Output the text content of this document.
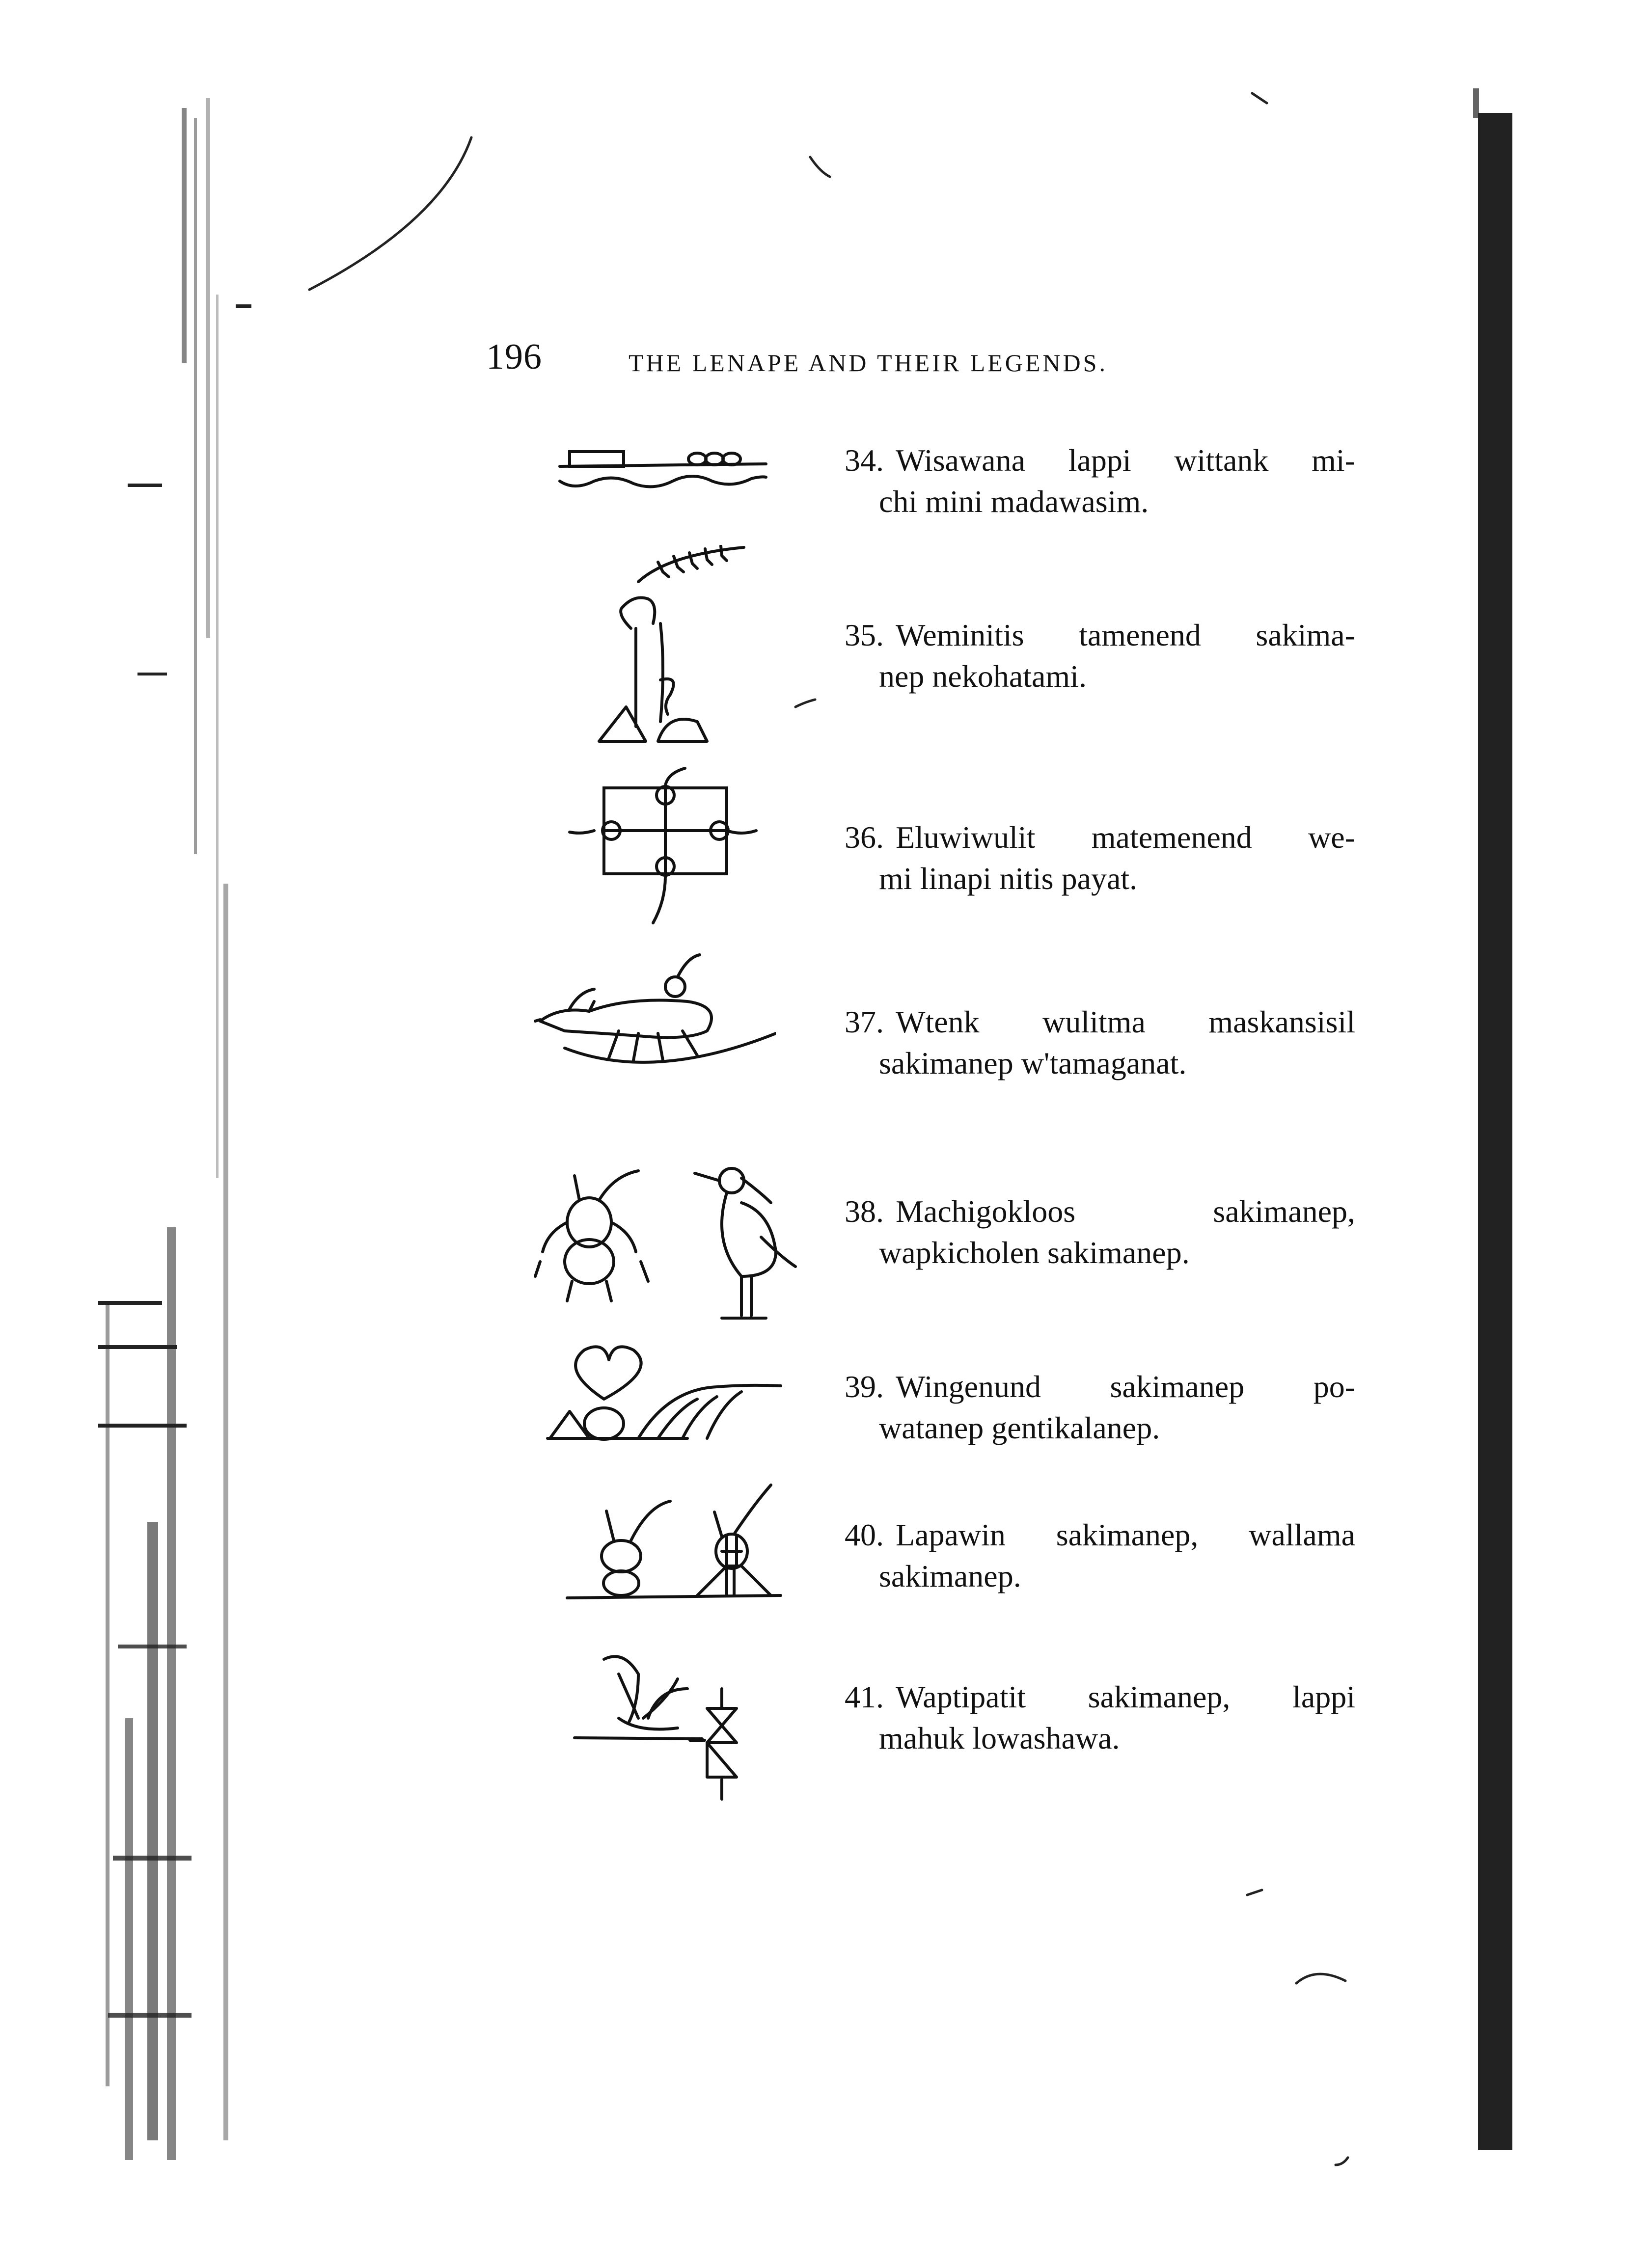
196	THE LENAPE AND THEIR LEGENDS.
34. Wisawana lappi wittank mi-
chi mini madawasim.
35. Weminitis tamenend sakima-
nep nekohatami.
36. Eluwiwulit matemenend we-
mi linapi nitis payat.
37. Wtenk wulitma maskansisil
sakimanep w'tamaganat.
38. Machigokloos sakimanep,
wapkicholen sakimanep.
39. Wingenund sakimanep po-
watanep gentikalanep.
40. Lapawin sakimanep, wallama
sakimanep.
41. Waptipatit sakimanep, lappi
mahuk lowashawa.
